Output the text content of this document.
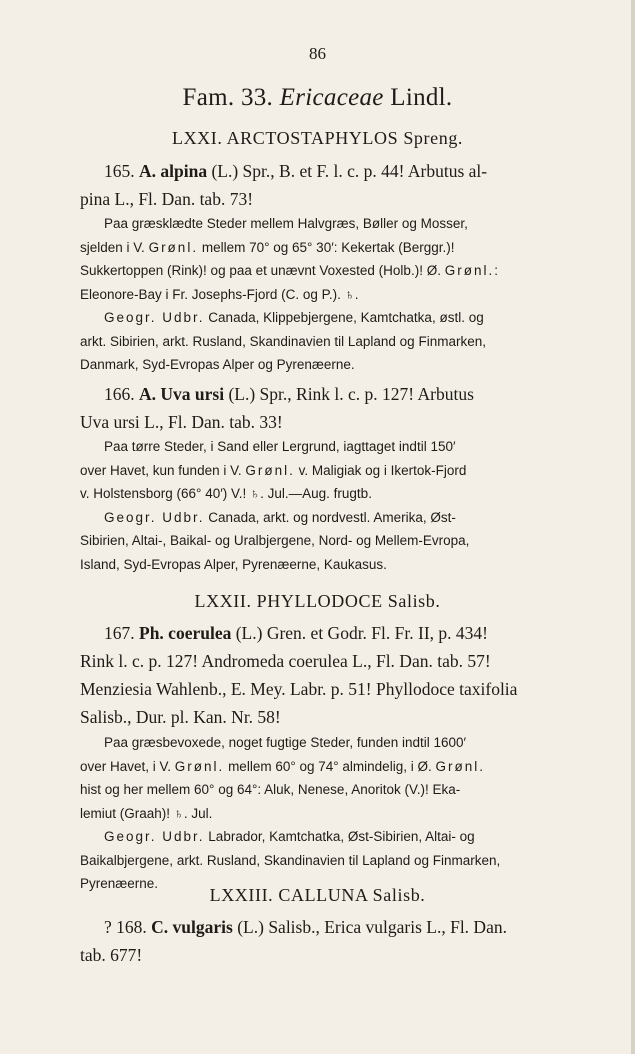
86
Fam. 33. Ericaceae Lindl.
LXXI. ARCTOSTAPHYLOS Spreng.
165. A. alpina (L.) Spr., B. et F. l. c. p. 44! Arbutus al-
pina L., Fl. Dan. tab. 73!
Paa græsklædte Steder mellem Halvgræs, Bøller og Mosser,
sjelden i V. Grønl. mellem 70° og 65° 30′: Kekertak (Berggr.)!
Sukkertoppen (Rink)! og paa et unævnt Voxested (Holb.)! Ø. Grønl.:
Eleonore-Bay i Fr. Josephs-Fjord (C. og P.). ♄.
Geogr. Udbr. Canada, Klippebjergene, Kamtchatka, østl. og
arkt. Sibirien, arkt. Rusland, Skandinavien til Lapland og Finmarken,
Danmark, Syd-Evropas Alper og Pyrenæerne.
166. A. Uva ursi (L.) Spr., Rink l. c. p. 127! Arbutus
Uva ursi L., Fl. Dan. tab. 33!
Paa tørre Steder, i Sand eller Lergrund, iagttaget indtil 150′
over Havet, kun funden i V. Grønl. v. Maligiak og i Ikertok-Fjord
v. Holstensborg (66° 40′) V.! ♄. Jul.—Aug. frugtb.
Geogr. Udbr. Canada, arkt. og nordvestl. Amerika, Øst-
Sibirien, Altai-, Baikal- og Uralbjergene, Nord- og Mellem-Evropa,
Island, Syd-Evropas Alper, Pyrenæerne, Kaukasus.
LXXII. PHYLLODOCE Salisb.
167. Ph. coerulea (L.) Gren. et Godr. Fl. Fr. II, p. 434!
Rink l. c. p. 127! Andromeda coerulea L., Fl. Dan. tab. 57!
Menziesia Wahlenb., E. Mey. Labr. p. 51! Phyllodoce taxifolia
Salisb., Dur. pl. Kan. Nr. 58!
Paa græsbevoxede, noget fugtige Steder, funden indtil 1600′
over Havet, i V. Grønl. mellem 60° og 74° almindelig, i Ø. Grønl.
hist og her mellem 60° og 64°: Aluk, Nenese, Anoritok (V.)! Eka-
lemiut (Graah)! ♄. Jul.
Geogr. Udbr. Labrador, Kamtchatka, Øst-Sibirien, Altai- og
Baikalbjergene, arkt. Rusland, Skandinavien til Lapland og Finmarken,
Pyrenæerne.
LXXIII. CALLUNA Salisb.
? 168. C. vulgaris (L.) Salisb., Erica vulgaris L., Fl. Dan.
tab. 677!
